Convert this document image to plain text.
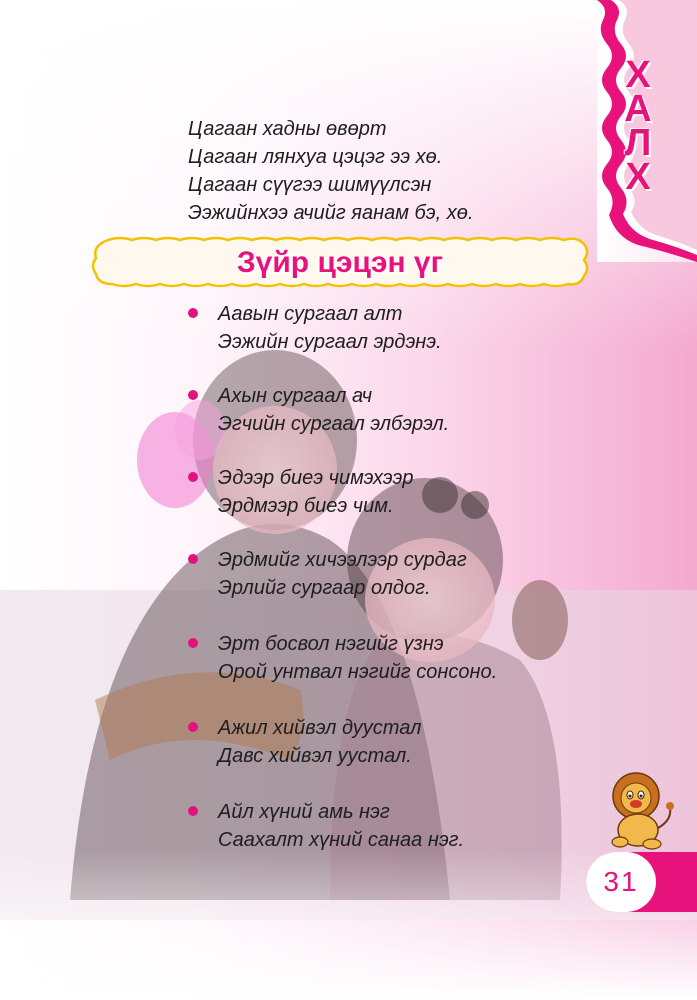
Х
А
Л
Х
Цагаан хадны өвөрт
Цагаан лянхуа цэцэг ээ хө.
Цагаан сүүгээ шимүүлсэн
Ээжийнхээ ачийг яанам бэ, хө.
Зүйр цэцэн үг
Аавын сургаал алт
Ээжийн сургаал эрдэнэ.
Ахын сургаал ач
Эгчийн сургаал элбэрэл.
Эдээр биеэ чимэхээр
Эрдмээр биеэ чим.
Эрдмийг хичээлээр сурдаг
Эрлийг сургаар олдог.
Эрт босвол нэгийг үзнэ
Орой унтвал нэгийг сонсоно.
Ажил хийвэл дуустал
Давс хийвэл уустал.
Айл хүний амь нэг
Саахалт хүний санаа нэг.
31
